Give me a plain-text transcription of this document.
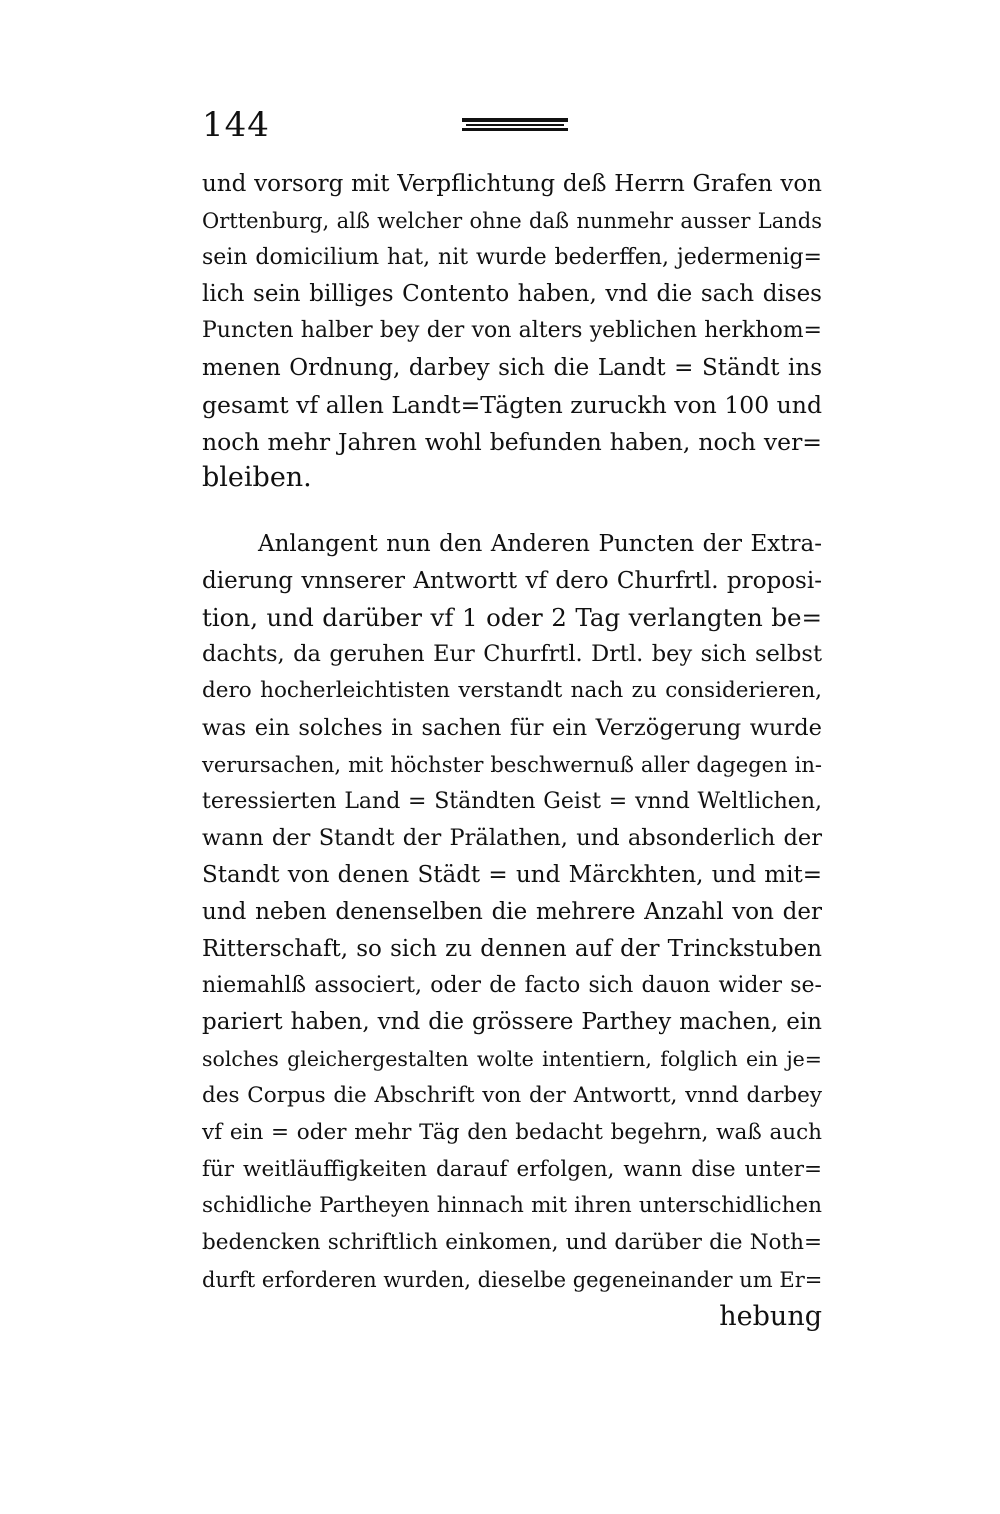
144
und vorsorg mit Verpflichtung deß Herrn Grafen von
Orttenburg, alß welcher ohne daß nunmehr ausser Lands
sein domicilium hat, nit wurde bederffen, jedermenig=
lich sein billiges Contento haben, vnd die sach dises
Puncten halber bey der von alters yeblichen herkhom=
menen Ordnung, darbey sich die Landt = Ständt ins
gesamt vf allen Landt=Tägten zuruckh von 100 und
noch mehr Jahren wohl befunden haben, noch ver=
bleiben.
Anlangent nun den Anderen Puncten der Extra-
dierung vnnserer Antwortt vf dero Churfrtl. proposi-
tion, und darüber vf 1 oder 2 Tag verlangten be=
dachts, da geruhen Eur Churfrtl. Drtl. bey sich selbst
dero hocherleichtisten verstandt nach zu considerieren,
was ein solches in sachen für ein Verzögerung wurde
verursachen, mit höchster beschwernuß aller dagegen in-
teressierten Land = Ständten Geist = vnnd Weltlichen,
wann der Standt der Prälathen, und absonderlich der
Standt von denen Städt = und Märckhten, und mit=
und neben denenselben die mehrere Anzahl von der
Ritterschaft, so sich zu dennen auf der Trinckstuben
niemahlß associert, oder de facto sich dauon wider se-
pariert haben, vnd die grössere Parthey machen, ein
solches gleichergestalten wolte intentiern, folglich ein je=
des Corpus die Abschrift von der Antwortt, vnnd darbey
vf ein = oder mehr Täg den bedacht begehrn, waß auch
für weitläuffigkeiten darauf erfolgen, wann dise unter=
schidliche Partheyen hinnach mit ihren unterschidlichen
bedencken schriftlich einkomen, und darüber die Noth=
durft erforderen wurden, dieselbe gegeneinander um Er=
hebung
